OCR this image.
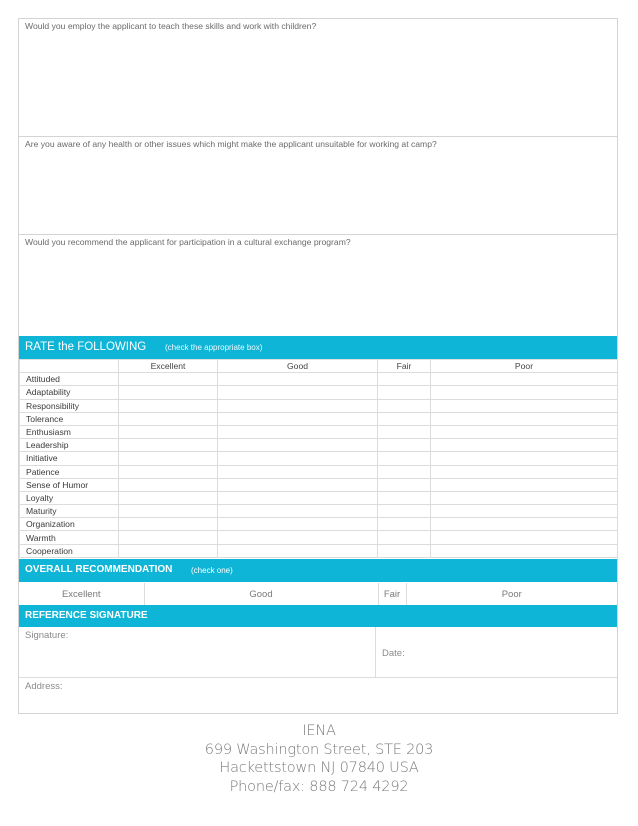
Would you employ the applicant to teach these skills and work with children?
Are you aware of any health or other issues which might make the applicant unsuitable for working at camp?
Would you recommend the applicant for participation in a cultural exchange program?
RATE the FOLLOWING (check the appropriate box)
	Excellent	Good	Fair	Poor
Attituded				
Adaptability				
Responsibility				
Tolerance				
Enthusiasm				
Leadership				
Initiative				
Patience				
Sense of Humor				
Loyalty				
Maturity				
Organization				
Warmth				
Cooperation				
OVERALL RECOMMENDATION (check one)
Excellent	Good	Fair	Poor
REFERENCE SIGNATURE
Signature:
Date:
Address:
IENA
699 Washington Street, STE 203
Hackettstown NJ 07840 USA
Phone/fax: 888 724 4292
